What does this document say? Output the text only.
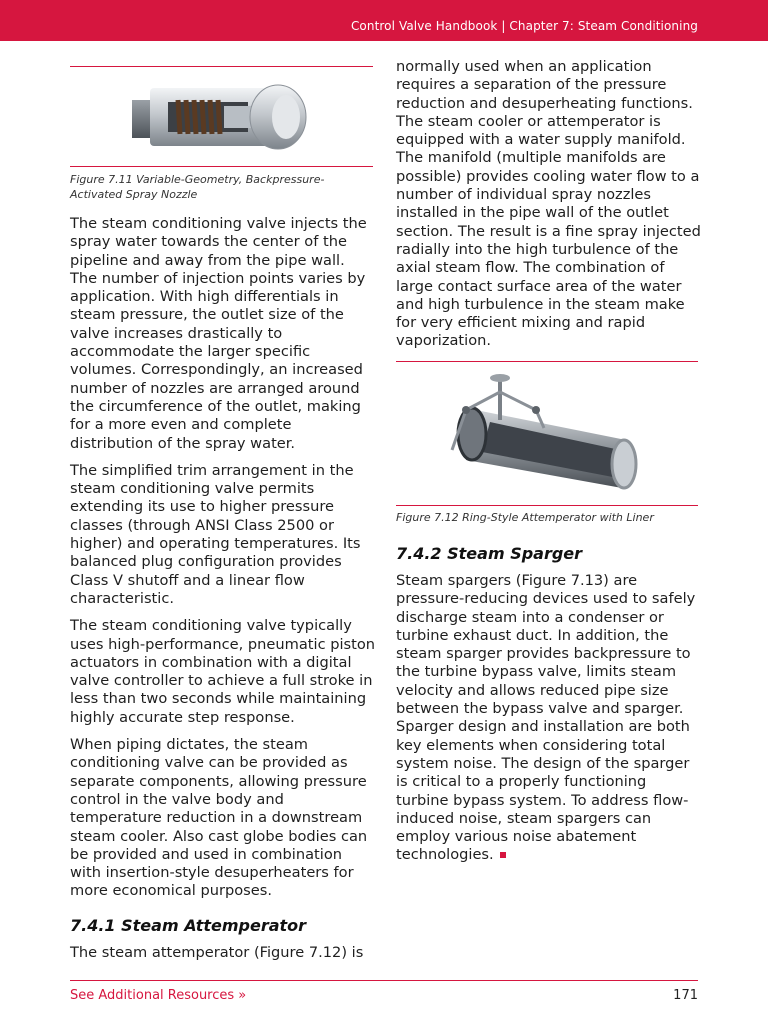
Control Valve Handbook | Chapter 7: Steam Conditioning
Figure 7.11 Variable-Geometry, Backpressure-Activated Spray Nozzle

The steam conditioning valve injects the spray water towards the center of the pipeline and away from the pipe wall. The number of injection points varies by application. With high differentials in steam pressure, the outlet size of the valve increases drastically to accommodate the larger specific volumes. Correspondingly, an increased number of nozzles are arranged around the circumference of the outlet, making for a more even and complete distribution of the spray water.

The simplified trim arrangement in the steam conditioning valve permits extending its use to higher pressure classes (through ANSI Class 2500 or higher) and operating temperatures. Its balanced plug configuration provides Class V shutoff and a linear flow characteristic.

The steam conditioning valve typically uses high-performance, pneumatic piston actuators in combination with a digital valve controller to achieve a full stroke in less than two seconds while maintaining highly accurate step response.

When piping dictates, the steam conditioning valve can be provided as separate components, allowing pressure control in the valve body and temperature reduction in a downstream steam cooler. Also cast globe bodies can be provided and used in combination with insertion-style desuperheaters for more economical purposes.

7.4.1 Steam Attemperator

The steam attemperator (Figure 7.12) is

normally used when an application requires a separation of the pressure reduction and desuperheating functions. The steam cooler or attemperator is equipped with a water supply manifold. The manifold (multiple manifolds are possible) provides cooling water flow to a number of individual spray nozzles installed in the pipe wall of the outlet section. The result is a fine spray injected radially into the high turbulence of the axial steam flow. The combination of large contact surface area of the water and high turbulence in the steam make for very efficient mixing and rapid vaporization.

Figure 7.12 Ring-Style Attemperator with Liner
7.4.2 Steam Sparger

Steam spargers (Figure 7.13) are pressure-reducing devices used to safely discharge steam into a condenser or turbine exhaust duct. In addition, the steam sparger provides backpressure to the turbine bypass valve, limits steam velocity and allows reduced pipe size between the bypass valve and sparger. Sparger design and installation are both key elements when considering total system noise. The design of the sparger is critical to a properly functioning turbine bypass system. To address flow-induced noise, steam spargers can employ various noise abatement technologies.

See Additional Resources »	171
